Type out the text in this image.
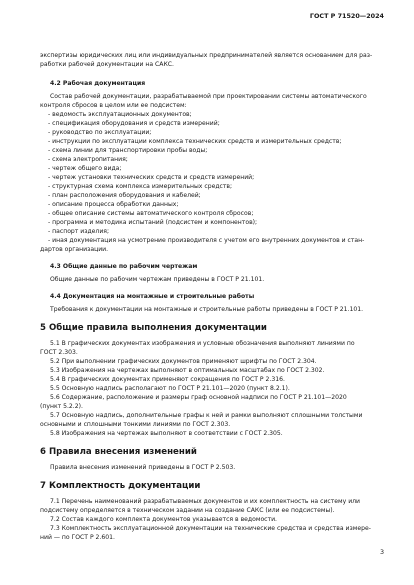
ГОСТ Р 71520—2024
экспертизы юридических лиц или индивидуальных предпринимателей является основанием для раз-
работки рабочей документации на САКС.
4.2 Рабочая документация
Состав рабочей документации, разрабатываемой при проектировании системы автоматического
контроля сбросов в целом или ее подсистем:
- ведомость эксплуатационных документов;
- спецификация оборудования и средств измерений;
- руководство по эксплуатации;
- инструкции по эксплуатации комплекса технических средств и измерительных средств;
- схема линии для транспортировки пробы воды;
- схема электропитания;
- чертеж общего вида;
- чертеж установки технических средств и средств измерений;
- структурная схема комплекса измерительных средств;
- план расположения оборудования и кабелей;
- описание процесса обработки данных;
- общее описание системы автоматического контроля сбросов;
- программа и методика испытаний (подсистем и компонентов);
- паспорт изделия;
- иная документация на усмотрение производителя с учетом его внутренних документов и стан-
дартов организации.
4.3 Общие данные по рабочим чертежам
Общие данные по рабочим чертежам приведены в ГОСТ Р 21.101.
4.4 Документация на монтажные и строительные работы
Требования к документации на монтажные и строительные работы приведены в ГОСТ Р 21.101.
5 Общие правила выполнения документации
5.1 В графических документах изображения и условные обозначения выполняют линиями по
ГОСТ 2.303.
5.2 При выполнении графических документов применяют шрифты по ГОСТ 2.304.
5.3 Изображения на чертежах выполняют в оптимальных масштабах по ГОСТ 2.302.
5.4 В графических документах применяют сокращения по ГОСТ Р 2.316.
5.5 Основную надпись располагают по ГОСТ Р 21.101—2020 (пункт 8.2.1).
5.6 Содержание, расположение и размеры граф основной надписи по ГОСТ Р 21.101—2020
(пункт 5.2.2).
5.7 Основную надпись, дополнительные графы к ней и рамки выполняют сплошными толстыми
основными и сплошными тонкими линиями по ГОСТ 2.303.
5.8 Изображения на чертежах выполняют в соответствии с ГОСТ 2.305.
6 Правила внесения изменений
Правила внесения изменений приведены в ГОСТ Р 2.503.
7 Комплектность документации
7.1 Перечень наименований разрабатываемых документов и их комплектность на систему или
подсистему определяется в техническом задании на создание САКС (или ее подсистемы).
7.2 Состав каждого комплекта документов указывается в ведомости.
7.3 Комплектность эксплуатационной документации на технические средства и средства измере-
ний — по ГОСТ Р 2.601.
3
